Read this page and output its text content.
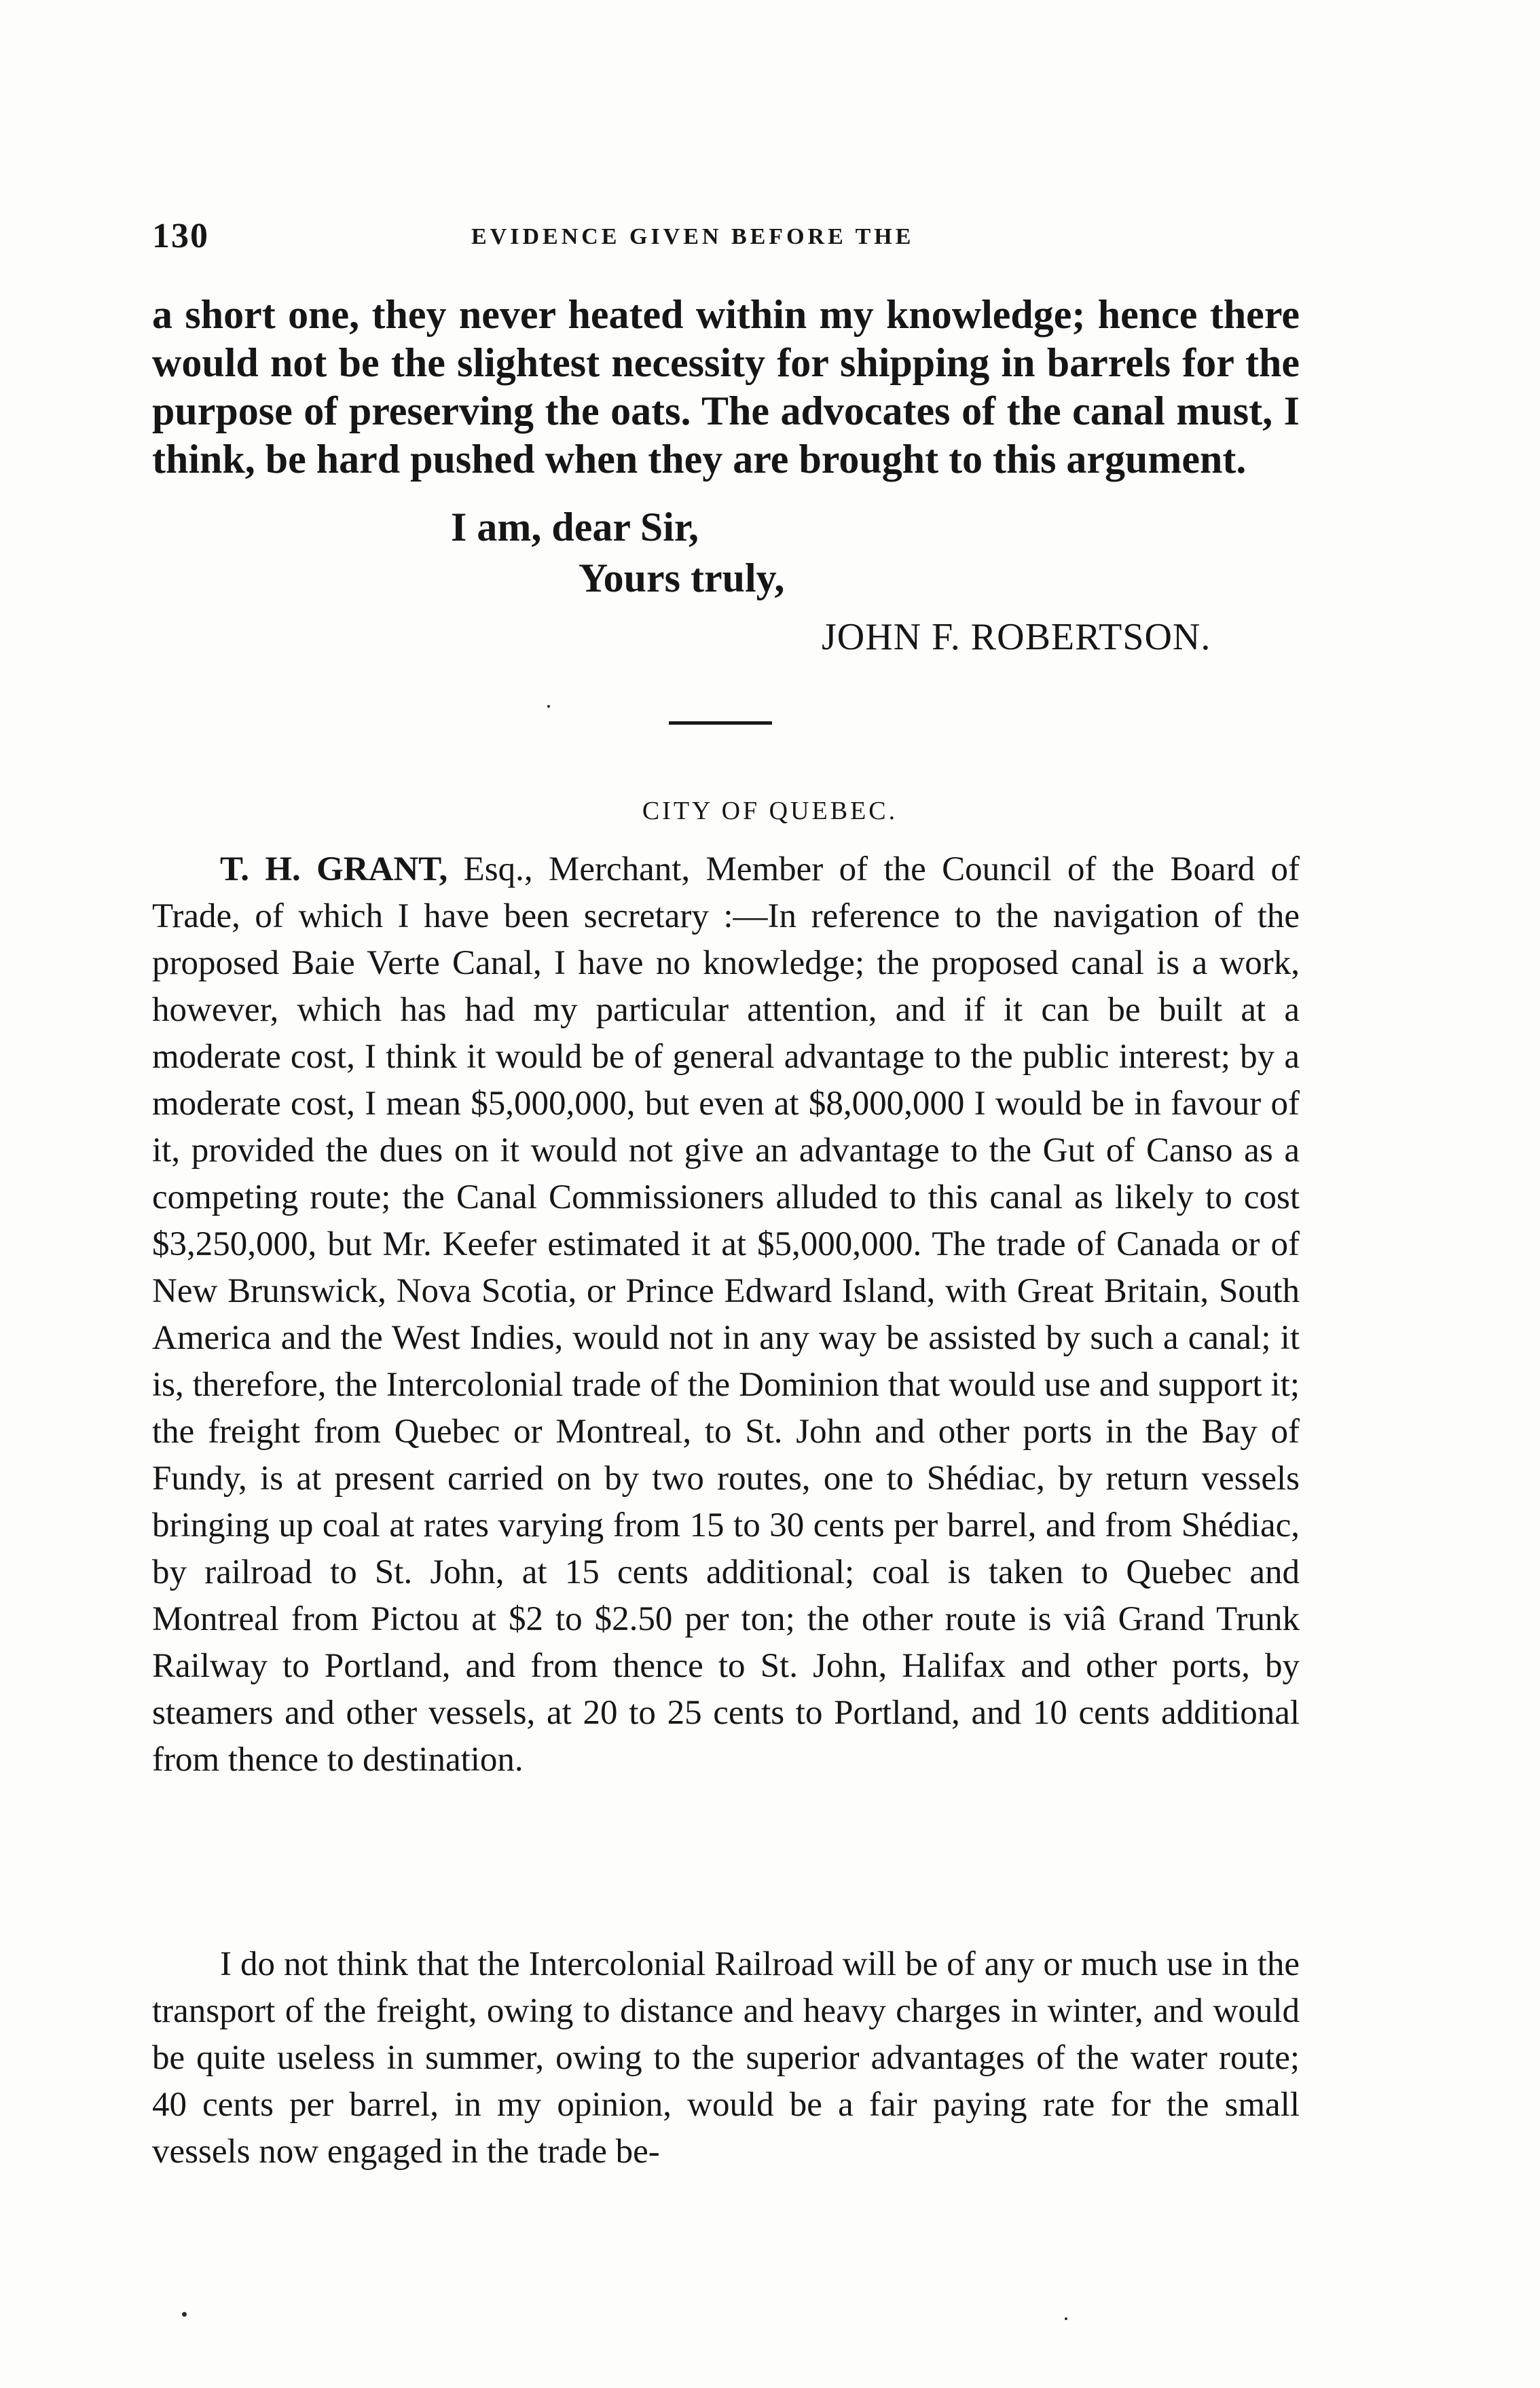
130	EVIDENCE GIVEN BEFORE THE
a short one, they never heated within my knowledge; hence there would not be the slightest necessity for shipping in barrels for the purpose of preserving the oats. The advocates of the canal must, I think, be hard pushed when they are brought to this argument.
I am, dear Sir,
Yours truly,
JOHN F. ROBERTSON.
CITY OF QUEBEC.
T. H. GRANT, Esq., Merchant, Member of the Council of the Board of Trade, of which I have been secretary :—In reference to the navigation of the proposed Baie Verte Canal, I have no knowledge; the proposed canal is a work, however, which has had my particular attention, and if it can be built at a moderate cost, I think it would be of general advantage to the public interest; by a moderate cost, I mean $5,000,000, but even at $8,000,000 I would be in favour of it, provided the dues on it would not give an advantage to the Gut of Canso as a competing route; the Canal Commissioners alluded to this canal as likely to cost $3,250,000, but Mr. Keefer estimated it at $5,000,000. The trade of Canada or of New Brunswick, Nova Scotia, or Prince Edward Island, with Great Britain, South America and the West Indies, would not in any way be assisted by such a canal; it is, therefore, the Intercolonial trade of the Dominion that would use and support it; the freight from Quebec or Montreal, to St. John and other ports in the Bay of Fundy, is at present carried on by two routes, one to Shédiac, by return vessels bringing up coal at rates varying from 15 to 30 cents per barrel, and from Shédiac, by railroad to St. John, at 15 cents additional; coal is taken to Quebec and Montreal from Pictou at $2 to $2.50 per ton; the other route is viâ Grand Trunk Railway to Portland, and from thence to St. John, Halifax and other ports, by steamers and other vessels, at 20 to 25 cents to Portland, and 10 cents additional from thence to destination.
I do not think that the Intercolonial Railroad will be of any or much use in the transport of the freight, owing to distance and heavy charges in winter, and would be quite useless in summer, owing to the superior advantages of the water route; 40 cents per barrel, in my opinion, would be a fair paying rate for the small vessels now engaged in the trade be-
